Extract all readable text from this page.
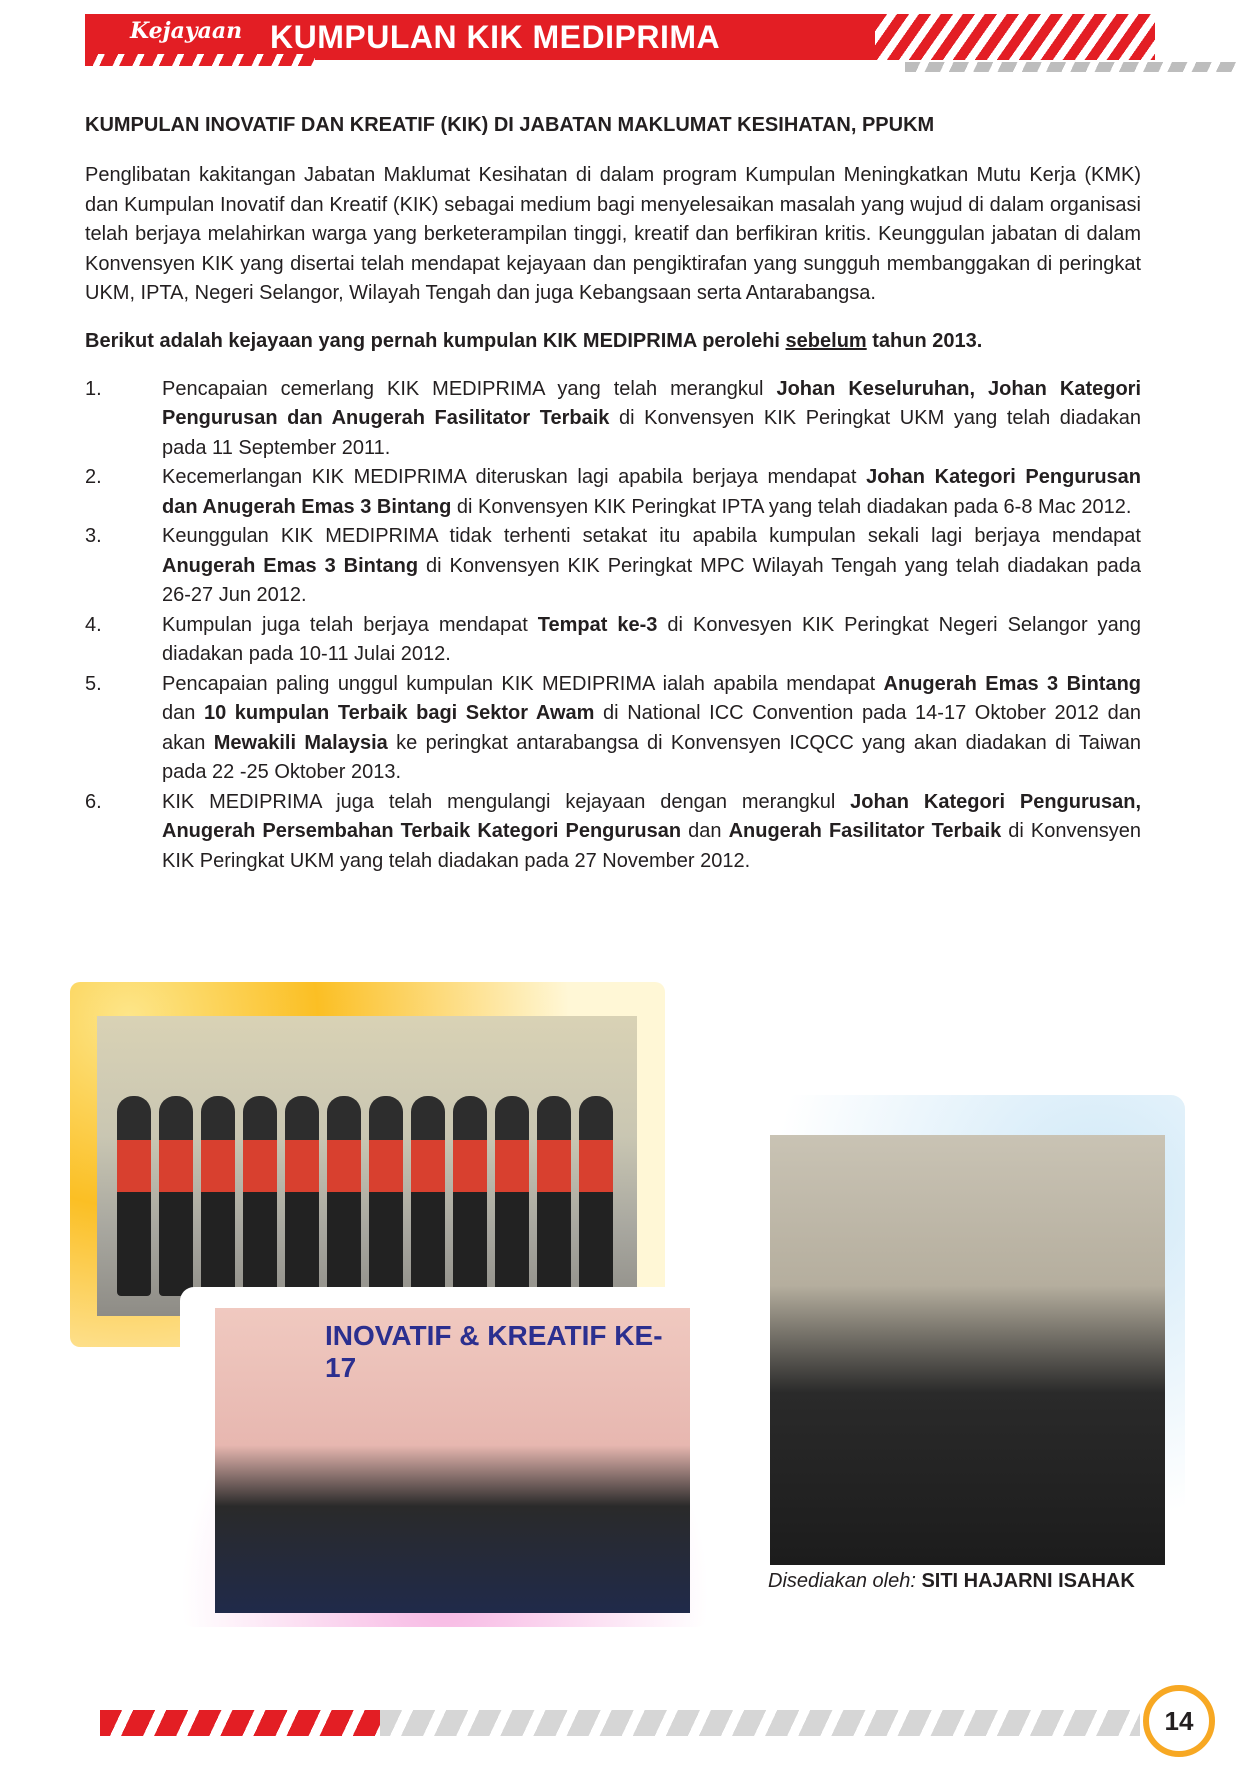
Kejayaan KUMPULAN KIK MEDIPRIMA
KUMPULAN INOVATIF DAN KREATIF (KIK) DI JABATAN MAKLUMAT KESIHATAN, PPUKM
Penglibatan kakitangan Jabatan Maklumat Kesihatan di dalam program Kumpulan Meningkatkan Mutu Kerja (KMK) dan Kumpulan Inovatif dan Kreatif (KIK) sebagai medium bagi menyelesaikan masalah yang wujud di dalam organisasi telah berjaya melahirkan warga yang berketerampilan tinggi, kreatif dan berfikiran kritis. Keunggulan jabatan di dalam Konvensyen KIK yang disertai telah mendapat kejayaan dan pengiktirafan yang sungguh membanggakan di peringkat UKM, IPTA, Negeri Selangor, Wilayah Tengah dan juga Kebangsaan serta Antarabangsa.
Berikut adalah kejayaan yang pernah kumpulan KIK MEDIPRIMA perolehi sebelum tahun 2013.
1.	Pencapaian cemerlang KIK MEDIPRIMA yang telah merangkul Johan Keseluruhan, Johan Kategori Pengurusan dan Anugerah Fasilitator Terbaik di Konvensyen KIK Peringkat UKM yang telah diadakan pada 11 September 2011.
2.	Kecemerlangan KIK MEDIPRIMA diteruskan lagi apabila berjaya mendapat Johan Kategori Pengurusan dan Anugerah Emas 3 Bintang di Konvensyen KIK Peringkat IPTA yang telah diadakan pada 6-8 Mac 2012.
3.	Keunggulan KIK MEDIPRIMA tidak terhenti setakat itu apabila kumpulan sekali lagi berjaya mendapat Anugerah Emas 3 Bintang di Konvensyen KIK Peringkat MPC Wilayah Tengah yang telah diadakan pada 26-27 Jun 2012.
4.	Kumpulan juga telah berjaya mendapat Tempat ke-3 di Konvesyen KIK Peringkat Negeri Selangor yang diadakan pada 10-11 Julai 2012.
5.	Pencapaian paling unggul kumpulan KIK MEDIPRIMA ialah apabila mendapat Anugerah Emas 3 Bintang dan 10 kumpulan Terbaik bagi Sektor Awam di National ICC Convention pada 14-17 Oktober 2012 dan akan Mewakili Malaysia ke peringkat antarabangsa di Konvensyen ICQCC yang akan diadakan di Taiwan pada 22 -25 Oktober 2013.
6.	KIK MEDIPRIMA juga telah mengulangi kejayaan dengan merangkul Johan Kategori Pengurusan, Anugerah Persembahan Terbaik Kategori Pengurusan dan Anugerah Fasilitator Terbaik di Konvensyen KIK Peringkat UKM yang telah diadakan pada 27 November 2012.
INOVATIF & KREATIF KE-17
Disediakan oleh: SITI HAJARNI ISAHAK
14
